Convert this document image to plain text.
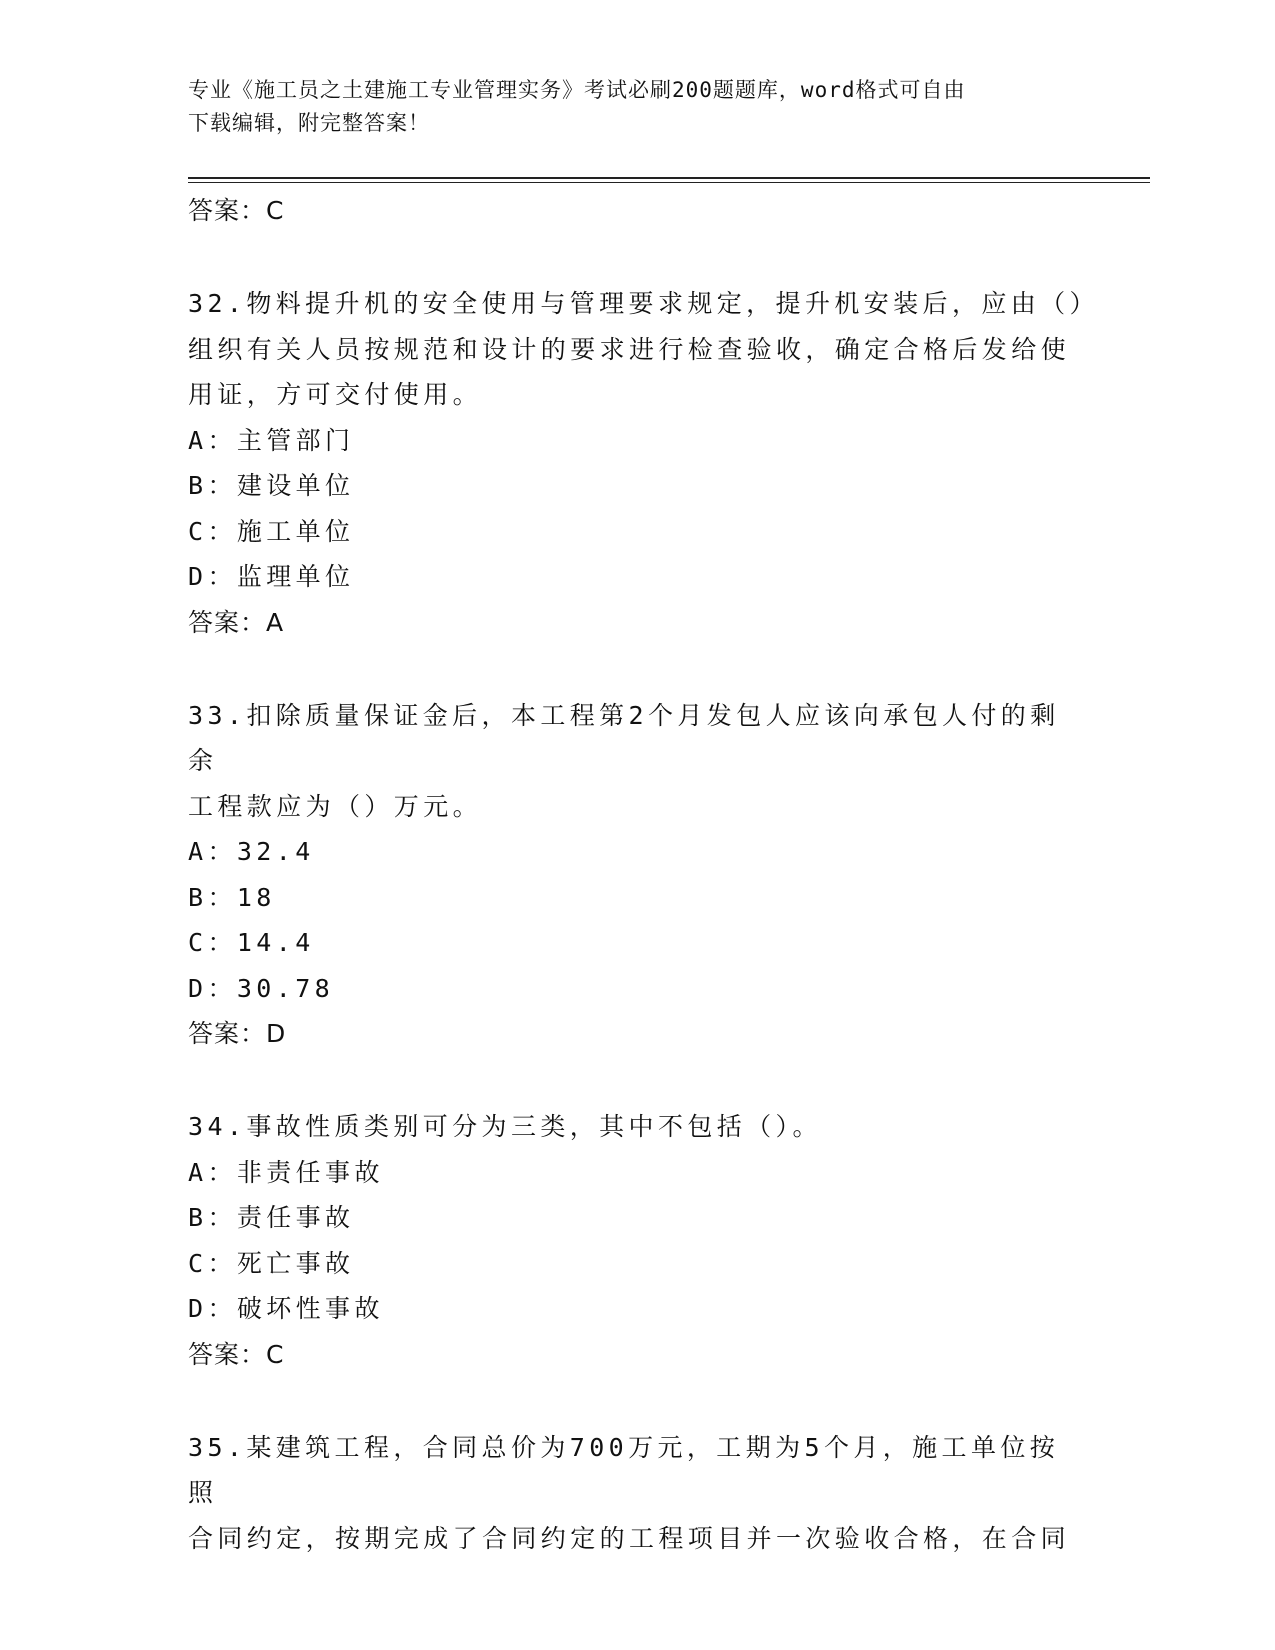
专业《施工员之土建施工专业管理实务》考试必刷200题题库，word格式可自由
下载编辑，附完整答案！
答案：C
32.物料提升机的安全使用与管理要求规定，提升机安装后，应由（）
组织有关人员按规范和设计的要求进行检查验收，确定合格后发给使
用证，方可交付使用。
A：主管部门
B：建设单位
C：施工单位
D：监理单位
答案：A
33.扣除质量保证金后，本工程第2个月发包人应该向承包人付的剩余
工程款应为（）万元。
A：32.4
B：18
C：14.4
D：30.78
答案：D
34.事故性质类别可分为三类，其中不包括（）。
A：非责任事故
B：责任事故
C：死亡事故
D：破坏性事故
答案：C
35.某建筑工程，合同总价为700万元，工期为5个月，施工单位按照
合同约定，按期完成了合同约定的工程项目并一次验收合格，在合同
